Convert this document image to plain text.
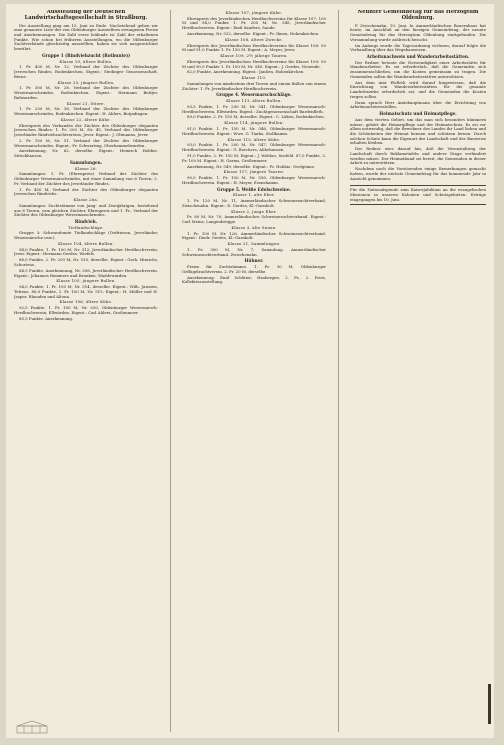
Ausstellung der Deutschen Landwirtschaftsgesellschaft in Straßburg.
Die Ausstellung ging am 10. Juni zu Ende. Nachstehend geben wir eine genauere Liste der von Oldenburger Ausstellern errungenen Preise und Anerkennungen. Die Zahl verse leidende ist Zahl der erhaltenen Punkte. Wie schon bei früheren Ausstellungen, wo die Oldenburger Zuchtverbände gleichzeitig ausstellten, haben sie sich ausgezeichnet bewährt.
Gruppe 1 (Rindviehzucht (Rotbunte))
Klasse 19, ältere Bullen.
1. Pr. 400 M, Nr. 12, Verband der Züchter des Oldenburger Jeverschen Rindes, Rodenkirchen. Eigent.: Stedinger Genossenschaft, Berne.
Klasse 20, jüngere Bullen.
1. Pr. 300 M, Nr. 28, Verband der Züchter des Oldenburger Wesermarschrindes, Rodenkirchen. Eigent.: Hermann Buttjer, Ruhwarden.
Klasse 21, Stiere.
1. Pr. 250 M, Nr. 36, Verband der Züchter des Oldenburger Wesermarschrindes, Rodenkirchen. Eigent.: H. Ahlers, Butjadingen.
Klasse 22, ältere Kühe.
Ehrenpreis des Verbandes der Züchter des Oldenburger eleganten Jeverschen Rindes: 1. Pr. 200 M, Nr. 45, Verband des Oldenburger Jeverländer Rindviehzuchtvereins, Jever. Eigent.: J. Oltmanns, Jever.
2. Pr. 150 M, Nr. 51, Verband der Züchter des Oldenburger Wesermarschrindes. Eigent.: Fr. Schwarting, Oberhammelwarden.
Anerkennung, Nr. 62, derselbe. Eigent.: Heinrich Hobbie, Strückhausen.
Sammlungen.
Klasse 26.
Sammlungen: 1. Pr. (Ehrenpreis) Verband der Züchter des Oldenburger Wesermarschrindes, mit einer Sammlung von 6 Tieren; 2. Pr. Verband der Züchter des Jeverländer Rindes.
1. Pr. 450 M, Verband der Züchter des Oldenburger eleganten Jeverschen Rindviehs.
Klasse 26a.
Sammlungen: Zuchtstämme von Jung- und Zweijährigen, bestehend aus 6 Tieren, vom gleichen Züchter. Ehrenpreis und 1. Pr., Verband der Züchter des Oldenburger Wesermarschrindes.
Rindvieh.
Tieflandschläge.
Gruppe 3: Schwarzbunte Tieflandschläge (Ostfriesen, Jeverländer, Wesermärsche usw.).
Klasse 104, ältere Bullen.
94,0 Punkte, 1. Pr. 100 M, Nr. 512, Jeverländischer Herdbuchverein, Jever. Eigent.: Hermann Gerdes, Wiefels.
86,0 Punkte, 2. Pr. 200 M, Nr. 510, derselbe. Eigent.: Gerh. Hinrichs, Schortens.
84,5 Punkte, Anerkennung, Nr. 508, Jeverländischer Herdbuchverein. Eigent.: Johannes Remmers und Brunken, Waddewarden.
Klasse 105, jüngere Bullen.
94,0 Punkte, 1. Pr. 100 M, Nr. 514, derselbe. Eigent.: Wilh. Janssen, Tettens. 86,0 Punkte, 2. Pr. 100 M, Nr. 515, Eigent.: H. Müller und H. Jasper, Rhauden und Altona.
Klasse 106, ältere Kühe.
92,5 Punkte, 1. Pr. 100 M, Nr. 530, Oldenburger Wesermarsch-Herdbuchverein, Ellwürden. Eigent.: Carl Ahlers, Großenmeer.
85,5 Punkte, Anerkennung.
Klasse 107, jüngere Kühe.
Ehrenpreis des Jeverländischen Herdbuchvereins für Klasse 107: 100 M und 94,0 Punkte 1. Pr. 200 M, Nr. 548, Jeverländischer Herdbuchverein. Eigent.: Emil Sanders, Sande.
Anerkennung, Nr. 532, derselbe. Eigent.: Fr. Ihnen, Hohenkirchen.
Klasse 108, ältere Zwecke.
Ehrenpreis des Jeverländischen Herdbuchvereins für Klasse 108: 50 M und 91,0 Punkte 1. Pr. 150 M. Eigent.: A. Meyer, Jever.
Klasse 109, 2½ jährige Tauren.
Ehrenpreis des Jeverländischen Herdbuchvereins für Klasse 109: 50 M und 90,0 Punkte 1. Pr. 100 M, Nr. 549. Eigent.: J. Gerdes, Neuende.
82,0 Punkte, Anerkennung. Eigent.: Janßen, Hohenkirchen.
Klasse 110.
Sammlungen von mindestens drei Tieren und einem Bullen von einem Züchter: 1. Pr. Jeverländischer Herdbuchverein.
Gruppe 4. Wesermarschschläge.
Klasse 113, ältere Bullen.
93,5 Punkte, 1. Pr. 200 M, Nr. 541, Oldenburger Wesermarsch-Herdbuchverein, Ellwürden. Eigent.: Zuchtgenossenschaft Bardenfleth.
89,0 Punkte, 2. Pr. 150 M, derselbe. Eigent.: C. Lüken, Rodenkirchen.
Klasse 114, jüngere Bullen.
91,0 Punkte, 1. Pr. 150 M, Nr. 546, Oldenburger Wesermarsch-Herdbuchverein. Eigent.: Wwe. G. Tiarks, Stollhamm.
Klasse 115, ältere Kühe.
93,0 Punkte, 1. Pr. 200 M, Nr. 547, Oldenburger Wesermarsch-Herdbuchverein. Eigent.: G. Borchers, Abbehausen.
91,0 Punkte, 2. Pr. 150 M. Eigent.: J. Wehlau, Seefeld. 87,0 Punkte, 3. Pr. 100 M. Eigent.: H. Garms, Großenmeer.
Anerkennung, Nr. 549, derselbe. Eigent.: Fr. Hobbie, Ovelgönne.
Klasse 117, jüngere Tauren.
90,0 Punkte, 1. Pr. 100 M, Nr. 556, Oldenburger Wesermarsch-Herdbuchverein. Eigent.: H. Meyer, Esenshamm.
Gruppe 5. Weiße Edelschweine.
Klasse 1, alte Eber.
1. Pr. 120 M, Nr. 11, Ammerländischer Schweinezuchtverband, Zwischenahn. Eigent.: D. Gerdes, Kl.-Garnholt.
Klasse 2, junge Eber.
Pr. 80 M, Nr. 70, Ammerländischer Schweinezuchtverband. Eigent.: Carl Meins, Langenbrügge.
Klasse 3, alte Sauen.
1. Pr. 100 M, Nr. 126, Ammerländischer Schweinezuchtverband. Eigent.: Diedr. Gerdes, Kl.-Garnholt.
Klasse 21, Sammlungen.
1. Pr. 300 M, Nr. 7, Sammlung. Ammerländischer Schweinezuchtverband, Zwischenahn.
Hühner.
Preise für Zuchtstämme. 1. Pr. 30 M, Oldenburger Geflügelzuchtverein. 2. Pr. 20 M, derselbe.
Anerkennung: Emil Schlüter, Hasbergen. 2. Pr., 2. Preis, Kollektivausstellung.
Neunter Gemeindetag für das Herzogtum Oldenburg.
P. Zwischenahn, 10. Juni. In Ammerländischen Bauernhaus hat heute, im Anschluß an den hiesigen Gemeindetag, der neunte Gemeindetag für das Herzogtum Oldenburg stattgefunden. Die Versammlung wurde zahlreich besucht.
Im Anfangs wurde die Tagesordnung verlesen; darauf folgte die Verhandlung über das Wegebauwesen.
Arbeitsnachweis und Wanderarbeitsstätten.
Der Redner betonte die Notwendigkeit einer Arbeitsstätte für Wanderarbeiter. Es sei erforderlich, daß die Gemeinden sich zusammenschließen, um die Kosten gemeinsam zu tragen. Die Gemeinden sollen die Wanderarbeitsstätten unterstützen.
Aus dem Amt Elsfleth wird darauf hingewiesen, daß die Einrichtung von Wanderarbeitsstätten für die gesamte Landesbezirke erforderlich sei, und die Gemeinden die Kosten tragen sollen.
Dann sprach Herr Amtshauptmann über die Errichtung von Arbeitsnachweisstellen.
Heimatschutz und Heimatpflege.
Aus dem vierten Gebiet, um das man sich besonders kümmern müsse, gehört die Heimatpflege und der Heimatschutz. Es sei vor allem notwendig, daß die Bewohner des Landes ihr Land lieben und die Schönheiten der Heimat kennen und schützen lernen. Durch solchen Schutz kann die Eigenart der Landschaft und der Bauweise erhalten bleiben.
Der Redner wies darauf hin, daß die Verunstaltung der Landschaft durch Reklametafeln und andere Dinge verhindert werden müsse. Der Heimatbund sei bereit, die Gemeinden in dieser Arbeit zu unterstützen.
Nachdem noch die Vorsitzenden einige Bemerkungen gemacht hatten, wurde der nächste Gemeindetag für das kommende Jahr in Aussicht genommen.
Für die Nationalspende zum Kaiserjubiläum an die evangelischen Missionen in unseren Kolonien und Schutzgebieten: Erträge eingegangen bis 10. Juni.
